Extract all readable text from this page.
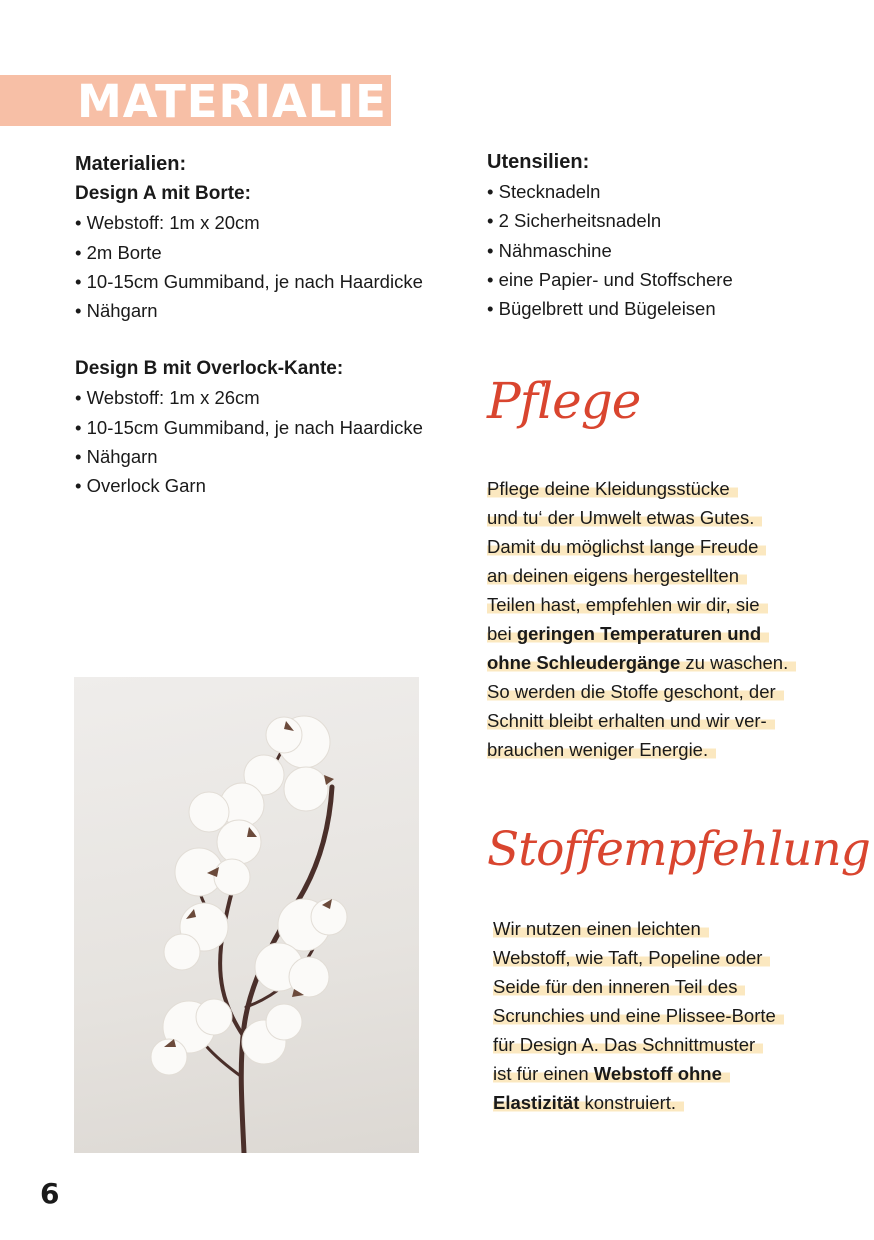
MATERIALIEN
Materialien:
Design A mit Borte:
• Webstoff: 1m x 20cm
• 2m Borte
• 10-15cm Gummiband, je nach Haardicke
• Nähgarn
Design B mit Overlock-Kante:
• Webstoff: 1m x 26cm
• 10-15cm Gummiband, je nach Haardicke
• Nähgarn
• Overlock Garn
Utensilien:
• Stecknadeln
• 2 Sicherheitsnadeln
• Nähmaschine
• eine Papier- und Stoffschere
• Bügelbrett und Bügeleisen
Pflege
Pflege deine Kleidungsstücke
und tu‘ der Umwelt etwas Gutes.
Damit du möglichst lange Freude
an deinen eigens hergestellten
Teilen hast, empfehlen wir dir, sie
bei geringen Temperaturen und
ohne Schleudergänge zu waschen.
So werden die Stoffe geschont, der
Schnitt bleibt erhalten und wir ver-
brauchen weniger Energie.
Stoffempfehlung
Wir nutzen einen leichten
Webstoff, wie Taft, Popeline oder
Seide für den inneren Teil des
Scrunchies und eine Plissee-Borte
für Design A. Das Schnittmuster
ist für einen Webstoff ohne
Elastizität konstruiert.
6
